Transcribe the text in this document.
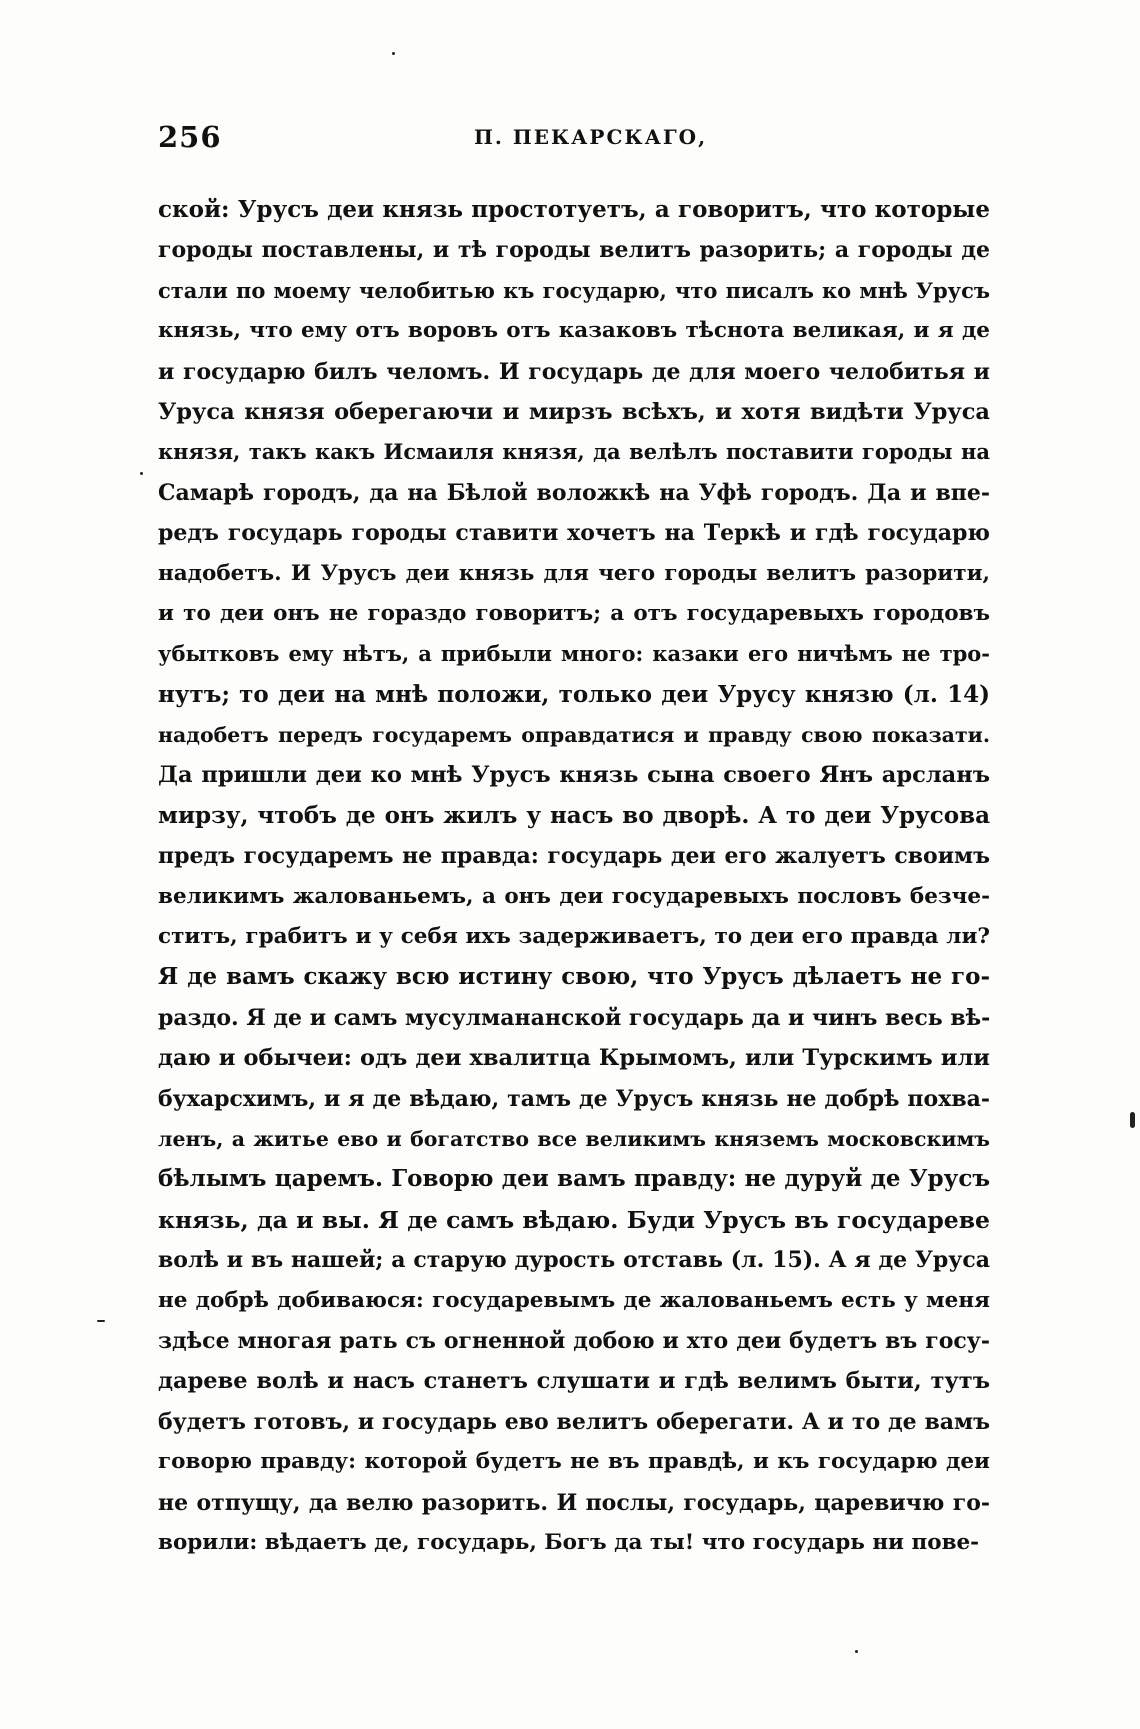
256	П. ПЕКАРСКАГО,
ской: Урусъ деи князь простотуетъ, а говоритъ, что которые
городы поставлены, и тѣ городы велитъ разорить; а городы де
стали по моему челобитью къ государю, что писалъ ко мнѣ Урусъ
князь, что ему отъ воровъ отъ казаковъ тѣснота великая, и я де
и государю билъ челомъ. И государь де для моего челобитья и
Уруса князя оберегаючи и мирзъ всѣхъ, и хотя видѣти Уруса
князя, такъ какъ Исмаиля князя, да велѣлъ поставити городы на
Самарѣ городъ, да на Бѣлой воложкѣ на Уфѣ городъ. Да и впе-
редъ государь городы ставити хочетъ на Теркѣ и гдѣ государю
надобетъ. И Урусъ деи князь для чего городы велитъ разорити,
и то деи онъ не гораздо говоритъ; а отъ государевыхъ городовъ
убытковъ ему нѣтъ, а прибыли много: казаки его ничѣмъ не тро-
нутъ; то деи на мнѣ положи, только деи Урусу князю (л. 14)
надобетъ передъ государемъ оправдатися и правду свою показати.
Да пришли деи ко мнѣ Урусъ князь сына своего Янъ арсланъ
мирзу, чтобъ де онъ жилъ у насъ во дворѣ. А то деи Урусова
предъ государемъ не правда: государь деи его жалуетъ своимъ
великимъ жалованьемъ, а онъ деи государевыхъ пословъ безче-
ститъ, грабитъ и у себя ихъ задерживаетъ, то деи его правда ли?
Я де вамъ скажу всю истину свою, что Урусъ дѣлаетъ не го-
раздо. Я де и самъ мусулмананской государь да и чинъ весь вѣ-
даю и обычеи: одъ деи хвалитца Крымомъ, или Турскимъ или
бухарсхимъ, и я де вѣдаю, тамъ де Урусъ князь не добрѣ похва-
ленъ, а житье ево и богатство все великимъ княземъ московскимъ
бѣлымъ царемъ. Говорю деи вамъ правду: не дуруй де Урусъ
князь, да и вы. Я де самъ вѣдаю. Буди Урусъ въ государеве
волѣ и въ нашей; а старую дурость отставь (л. 15). А я де Уруса
не добрѣ добиваюся: государевымъ де жалованьемъ есть у меня
здѣсе многая рать съ огненной добою и хто деи будетъ въ госу-
дареве волѣ и насъ станетъ слушати и гдѣ велимъ быти, тутъ
будетъ готовъ, и государь ево велитъ оберегати. А и то де вамъ
говорю правду: которой будетъ не въ правдѣ, и къ государю деи
не отпущу, да велю разорить. И послы, государь, царевичю го-
ворили: вѣдаетъ де, государь, Богъ да ты! что государь ни пове-
